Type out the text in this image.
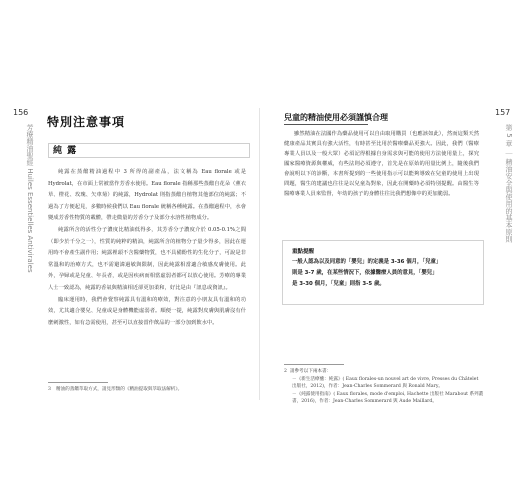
156
芳療精油聖經 Huiles Essentielles Antivirales
特別注意事項
純 露

純露在蒸餾精油過程中 3 所得的副產品，法文稱為 Eau florale 或是 Hydrolat，在市面上常被當作芳香水使用。Eau florale 指稱那些蒸餾自花朵（薰衣草、橙花、玫瑰、矢車菊）的純露，Hydrolat 則指蒸餾自植物其他部位的純露；不過為了方便起見，多數時候我們以 Eau florale 統稱各種純露。在蒸餾過程中，水會變成芳香性物質的載體，帶走微量的芳香分子及部分水溶性植物成分。

純露所含的活性分子濃度比精油低得多，其芳香分子濃度介於 0.05-0.1%之間（即少於千分之一），性質的純粹的精油，純露所含的植物分子量少得多，因此在運用時不會產生副作用；純露裡頭不含醫藥物質，也不具備酚性的生化分子，可說是非常溫和的治療方式，也不需避諱過敏與限制，因此純露相當適合敏感皮膚使用。此外，孕婦或是兒童、年長者，或是因疾病而相當虛弱者都可以放心使用。芳療的專業人士一致認為，純露的香氣與精油相近卻更加柔和，好比是由『訊息或資訊』。

臨床運用時，我們會覺察純露具有溫和的療效，對注意的小朋友具有溫和的功效，尤其適合嬰兒、兒童或是身體機能虛弱者。順便一提，純露對皮膚與肌膚沒有什麼刺激性，如有急需使用，甚至可以直接當作飲品的一部分加到飲水中。

3 精油的蒸餾萃取方式，請見形類的《精油提取與萃取法解析》。
157
第 5 章 ｜ 精油安全與使用的基本原則
兒童的精油使用必須謹慎合理

雖然精油在法國作為藥品使用可以自由取用購買（也應該如此），然而這類天然健康產品其實具有強大活性，有時甚至比用於醫療藥品更強大。因此，我們（醫療專業人員以及一般大眾）必須記得根據自身需求與可能的使用方法使用量上，探究國家醫療資源與權威，有些法則必須遵守，首先是在原始的用量比例上，隨後我們會說明以下的診斷，本書所提到的一些使用指示可以能夠導致在兒童的使用上出現問題，醫生的建議也往往是以兒童為對象，因此在開藥時必須特別提醒。由醫生等醫療專業人員來監督，年幼的孩子的身體往往比我們想像中的更加脆弱。

重點提醒
一般人認為以及同意的「嬰兒」的定義是 3-36 個月，「兒童」
則是 3-7 歲，在某些情況下，依據醫療人員的意見，「嬰兒」
是 3-30 個月，「兒童」則指 3-5 歲。
2 請參考以下兩本書：
－《新生活療癒：純露》( Eaux florales-un nouvel art de vivre, Presses du Châtelet 出版社，2012)，作者：Jean-Charles Sommerard 與 Ronald Mary。
－《純露使用指南》( Eaux florales, mode d'emploi, Hachette 出版社 Marabout 系列叢書，2016)，作者：Jean-Charles Sommerard 與 Aude Maillard。
